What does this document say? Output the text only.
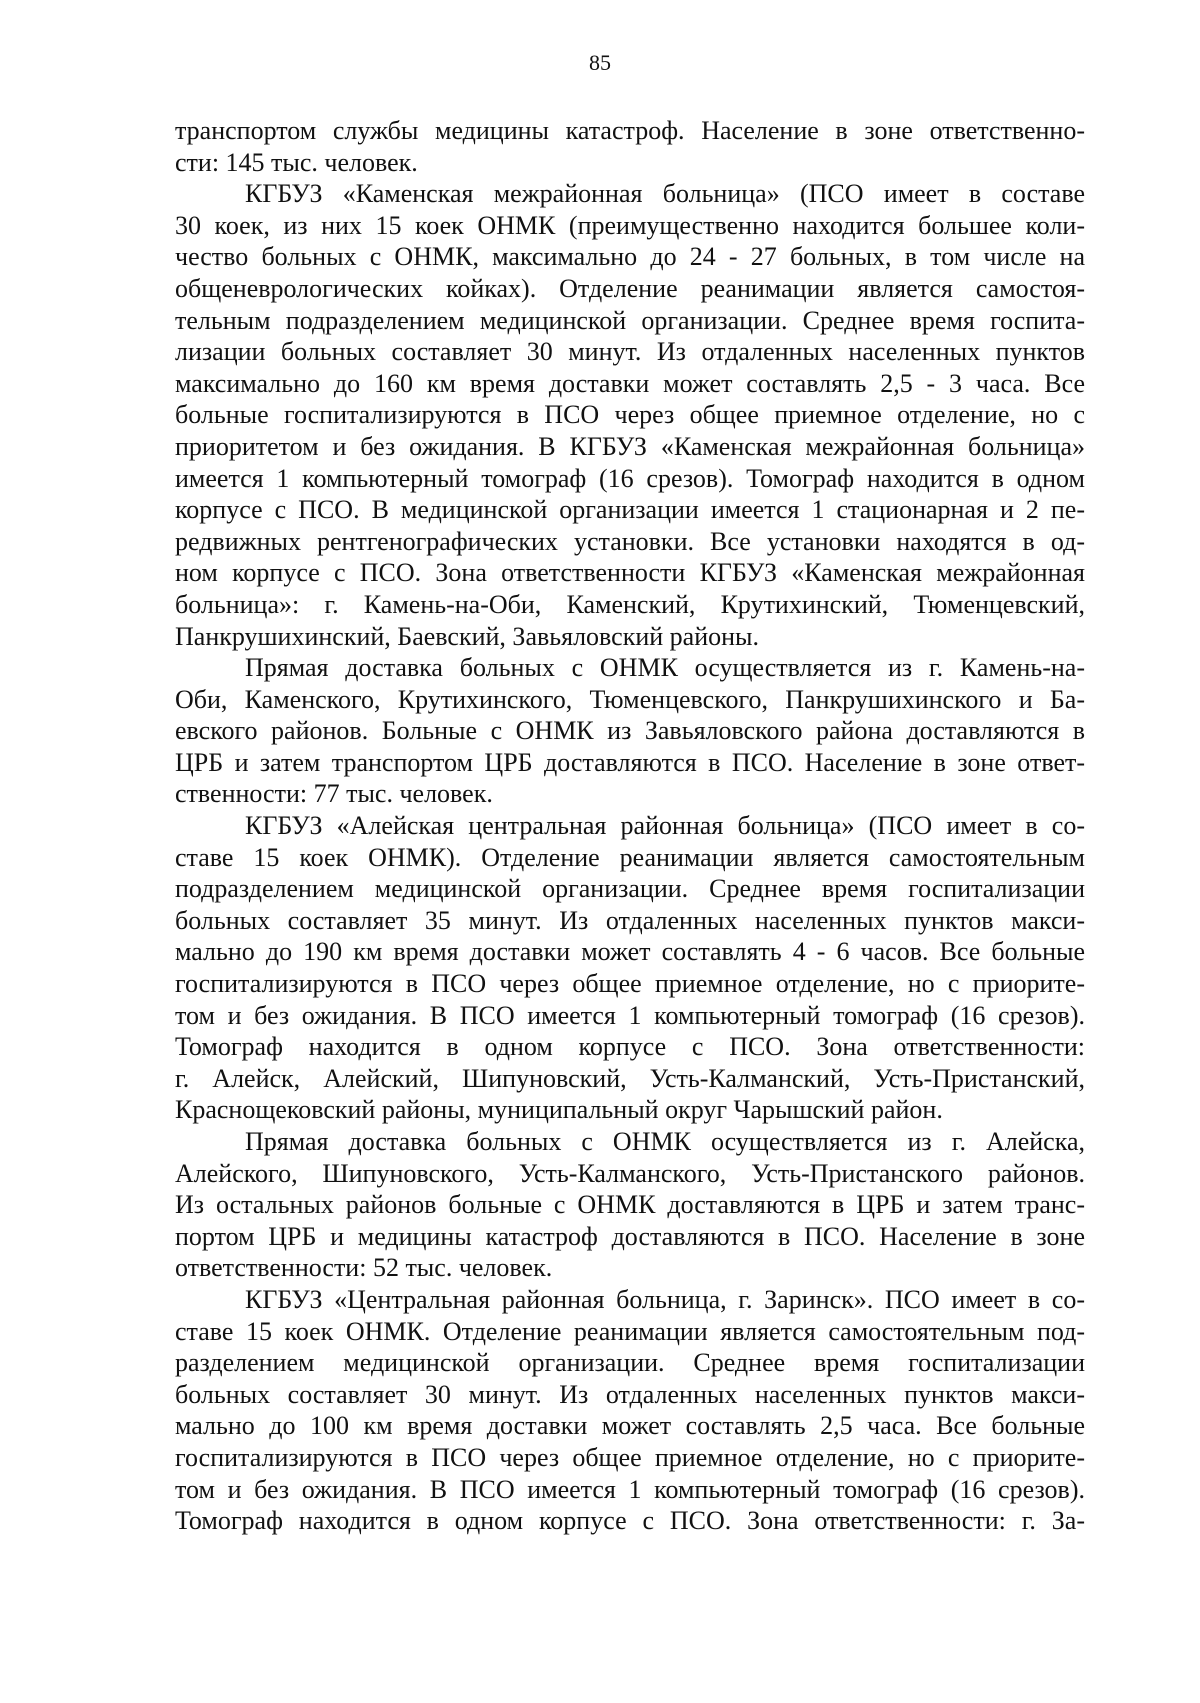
85
транспортом службы медицины катастроф. Население в зоне ответственно-
сти: 145 тыс. человек.
КГБУЗ «Каменская межрайонная больница» (ПСО имеет в составе
30 коек, из них 15 коек ОНМК (преимущественно находится большее коли-
чество больных с ОНМК, максимально до 24 - 27 больных, в том числе на
общеневрологических койках). Отделение реанимации является самостоя-
тельным подразделением медицинской организации. Среднее время госпита-
лизации больных составляет 30 минут. Из отдаленных населенных пунктов
максимально до 160 км время доставки может составлять 2,5 - 3 часа. Все
больные госпитализируются в ПСО через общее приемное отделение, но с
приоритетом и без ожидания. В КГБУЗ «Каменская межрайонная больница»
имеется 1 компьютерный томограф (16 срезов). Томограф находится в одном
корпусе с ПСО. В медицинской организации имеется 1 стационарная и 2 пе-
редвижных рентгенографических установки. Все установки находятся в од-
ном корпусе с ПСО. Зона ответственности КГБУЗ «Каменская межрайонная
больница»: г. Камень-на-Оби, Каменский, Крутихинский, Тюменцевский,
Панкрушихинский, Баевский, Завьяловский районы.
Прямая доставка больных с ОНМК осуществляется из г. Камень-на-
Оби, Каменского, Крутихинского, Тюменцевского, Панкрушихинского и Ба-
евского районов. Больные с ОНМК из Завьяловского района доставляются в
ЦРБ и затем транспортом ЦРБ доставляются в ПСО. Население в зоне ответ-
ственности: 77 тыс. человек.
КГБУЗ «Алейская центральная районная больница» (ПСО имеет в со-
ставе 15 коек ОНМК). Отделение реанимации является самостоятельным
подразделением медицинской организации. Среднее время госпитализации
больных составляет 35 минут. Из отдаленных населенных пунктов макси-
мально до 190 км время доставки может составлять 4 - 6 часов. Все больные
госпитализируются в ПСО через общее приемное отделение, но с приорите-
том и без ожидания. В ПСО имеется 1 компьютерный томограф (16 срезов).
Томограф находится в одном корпусе с ПСО. Зона ответственности:
г. Алейск, Алейский, Шипуновский, Усть-Калманский, Усть-Пристанский,
Краснощековский районы, муниципальный округ Чарышский район.
Прямая доставка больных с ОНМК осуществляется из г. Алейска,
Алейского, Шипуновского, Усть-Калманского, Усть-Пристанского районов.
Из остальных районов больные с ОНМК доставляются в ЦРБ и затем транс-
портом ЦРБ и медицины катастроф доставляются в ПСО. Население в зоне
ответственности: 52 тыс. человек.
КГБУЗ «Центральная районная больница, г. Заринск». ПСО имеет в со-
ставе 15 коек ОНМК. Отделение реанимации является самостоятельным под-
разделением медицинской организации. Среднее время госпитализации
больных составляет 30 минут. Из отдаленных населенных пунктов макси-
мально до 100 км время доставки может составлять 2,5 часа. Все больные
госпитализируются в ПСО через общее приемное отделение, но с приорите-
том и без ожидания. В ПСО имеется 1 компьютерный томограф (16 срезов).
Томограф находится в одном корпусе с ПСО. Зона ответственности: г. За-
